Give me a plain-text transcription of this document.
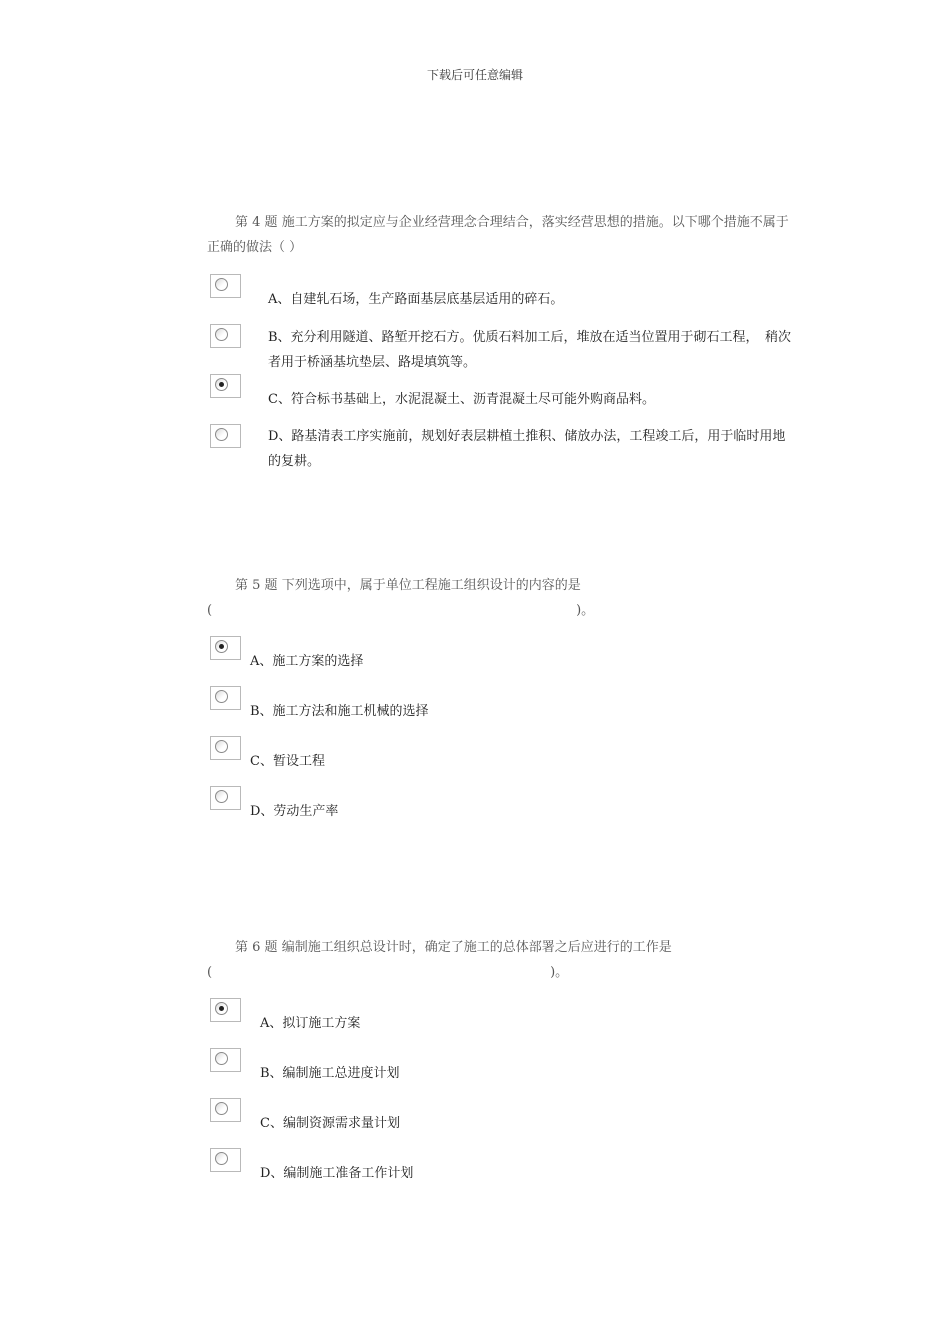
下载后可任意编辑
第 4 题 施工方案的拟定应与企业经营理念合理结合，落实经营思想的措施。以下哪个措施不属于正确的做法（ ）
A、自建轧石场，生产路面基层底基层适用的碎石。
B、充分利用隧道、路堑开挖石方。优质石料加工后，堆放在适当位置用于砌石工程，　稍次者用于桥涵基坑垫层、路堤填筑等。
C、符合标书基础上，水泥混凝土、沥青混凝土尽可能外购商品料。
D、路基清表工序实施前，规划好表层耕植土推积、储放办法，工程竣工后，用于临时用地的复耕。
第 5 题 下列选项中，属于单位工程施工组织设计的内容的是(　　　　　　　　　　　　　　　　　　　　　　　　　　　　)。
A、施工方案的选择
B、施工方法和施工机械的选择
C、暂设工程
D、劳动生产率
第 6 题 编制施工组织总设计时，确定了施工的总体部署之后应进行的工作是(　　　　　　　　　　　　　　　　　　　　　　　　　　)。
A、拟订施工方案
B、编制施工总进度计划
C、编制资源需求量计划
D、编制施工准备工作计划
